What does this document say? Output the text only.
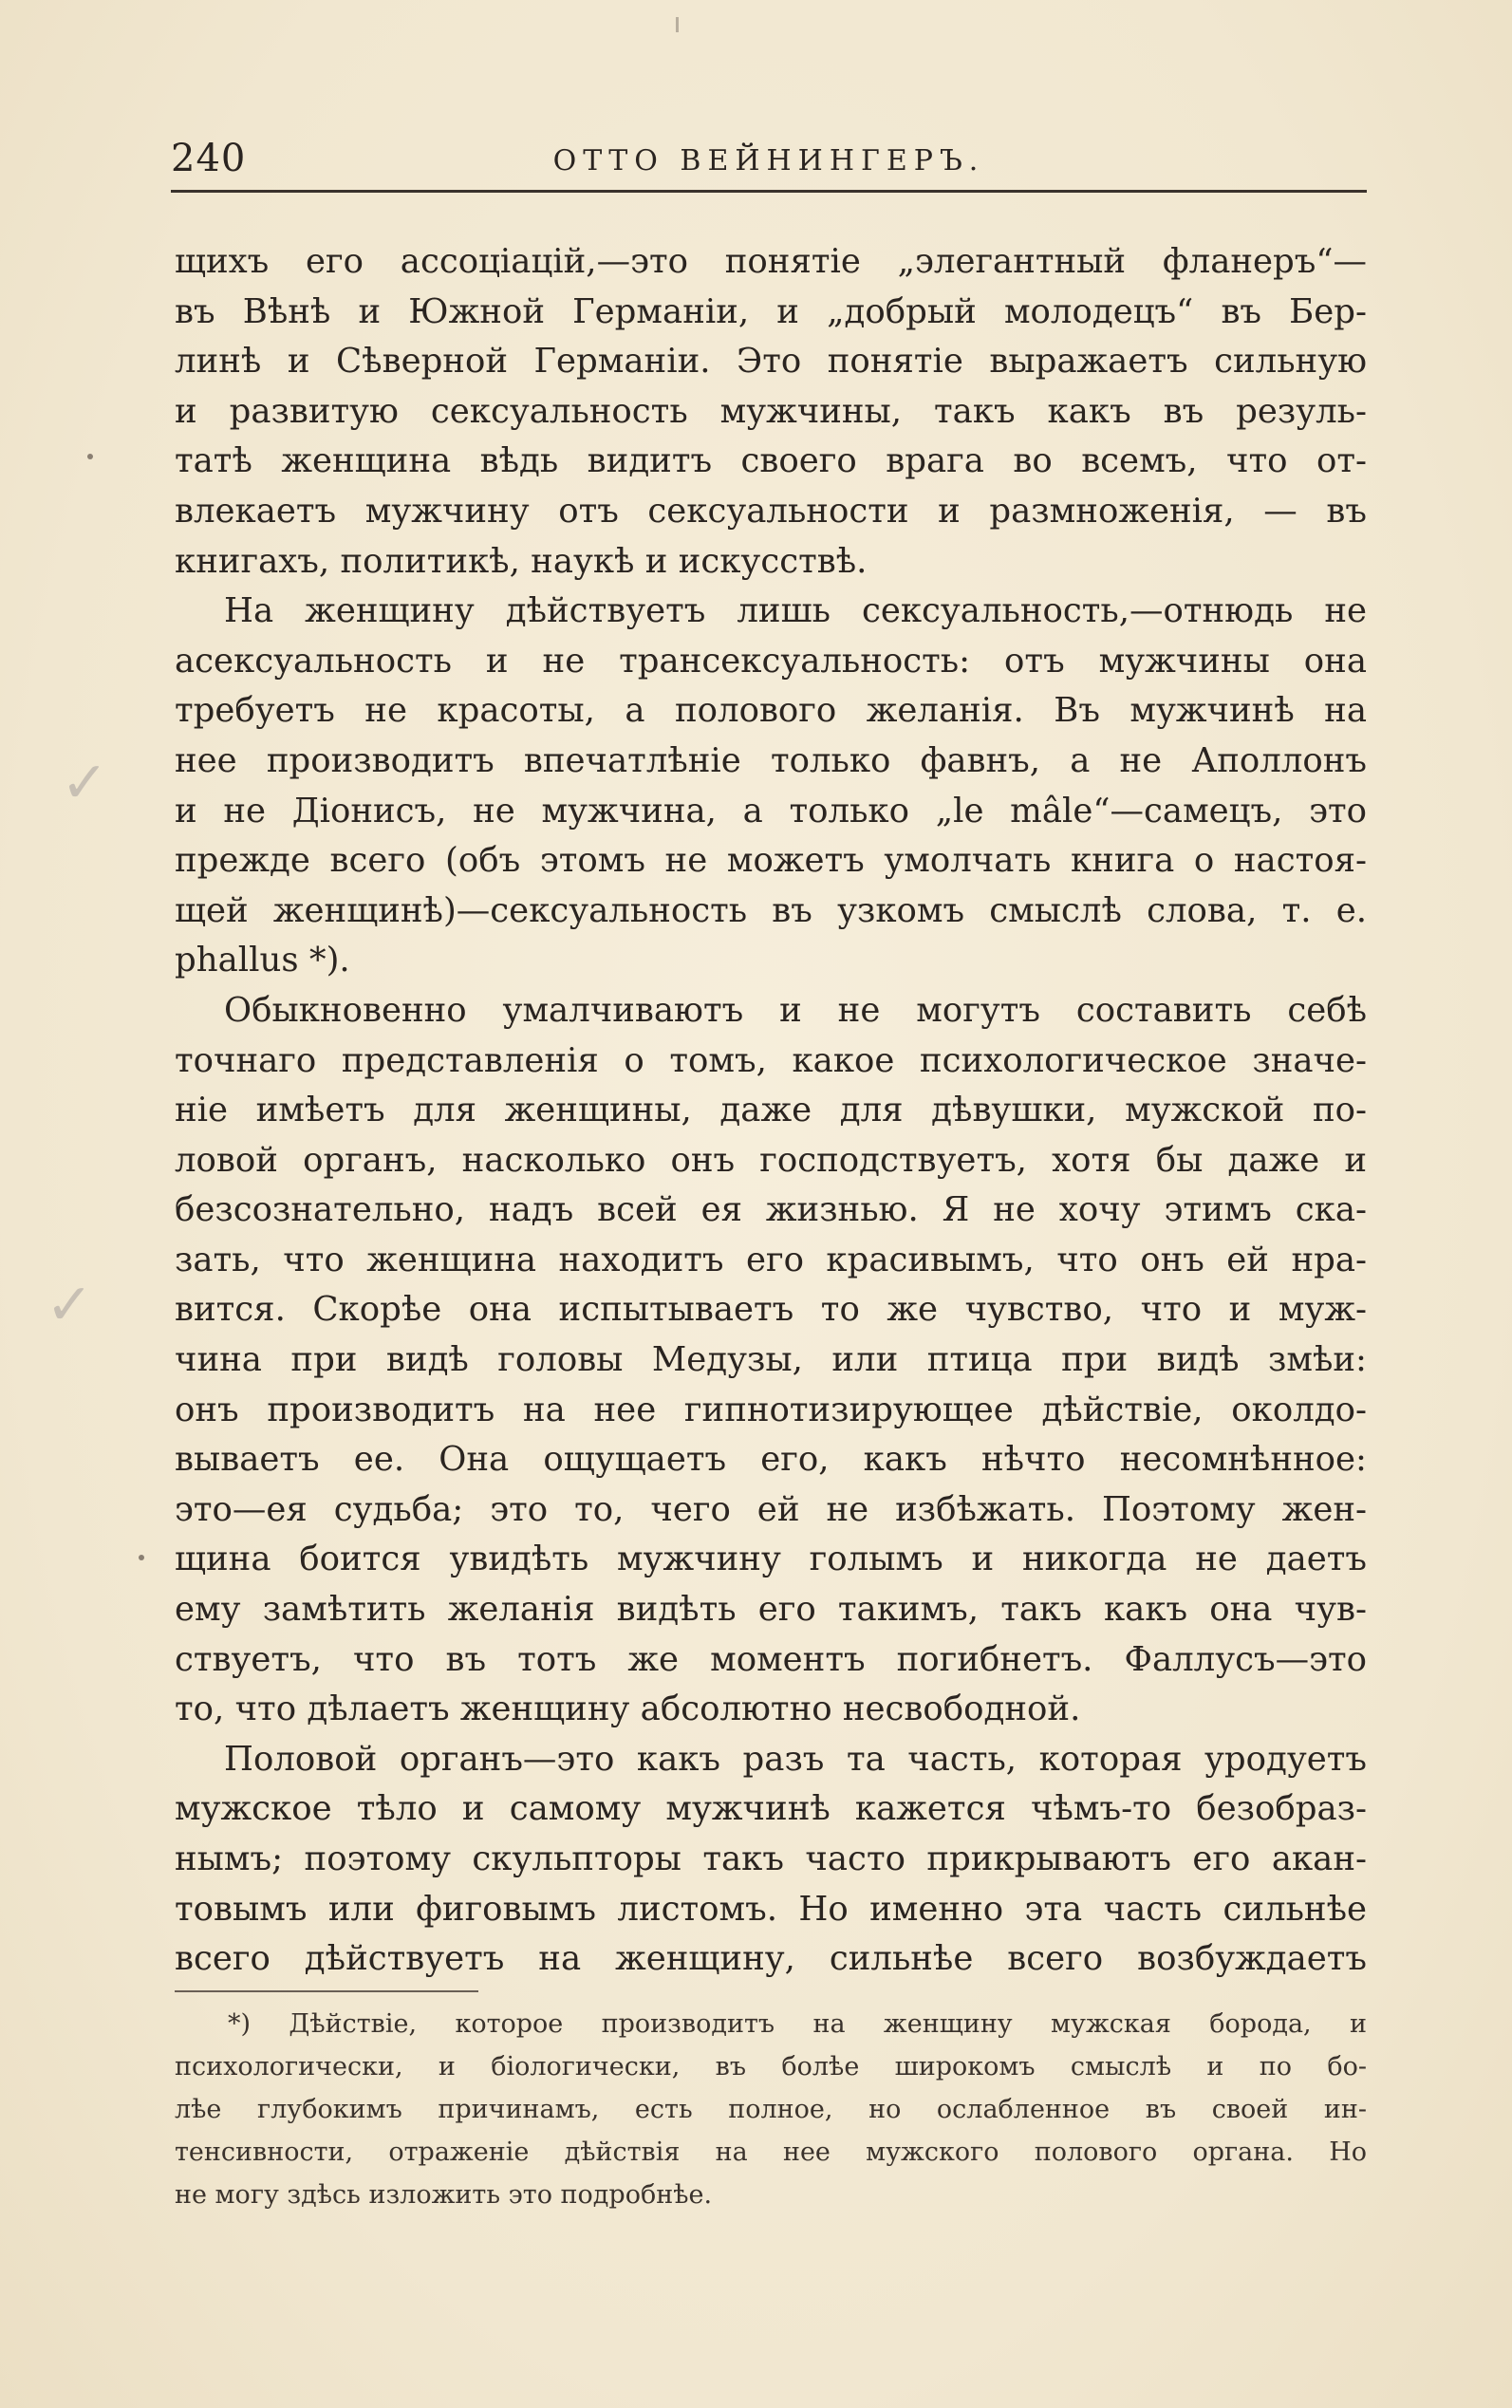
✓
✓
240	ОТТО ВЕЙНИНГЕРЪ.

щихъ его ассоціацій,—это понятіе „элегантный фланеръ“—
въ Вѣнѣ и Южной Германіи, и „добрый молодецъ“ въ Бер-
линѣ и Сѣверной Германіи. Это понятіе выражаетъ сильную
и развитую сексуальность мужчины, такъ какъ въ резуль-
татѣ женщина вѣдь видитъ своего врага во всемъ, что от-
влекаетъ мужчину отъ сексуальности и размноженія, — въ
книгахъ, политикѣ, наукѣ и искусствѣ.

На женщину дѣйствуетъ лишь сексуальность,—отнюдь не
асексуальность и не трансексуальность: отъ мужчины она
требуетъ не красоты, а полового желанія. Въ мужчинѣ на
нее производитъ впечатлѣніе только фавнъ, а не Аполлонъ
и не Діонисъ, не мужчина, а только „le mâle“—самецъ, это
прежде всего (объ этомъ не можетъ умолчать книга о настоя-
щей женщинѣ)—сексуальность въ узкомъ смыслѣ слова, т. е.
phallus *).

Обыкновенно умалчиваютъ и не могутъ составить себѣ
точнаго представленія о томъ, какое психологическое значе-
ніе имѣетъ для женщины, даже для дѣвушки, мужской по-
ловой органъ, насколько онъ господствуетъ, хотя бы даже и
безсознательно, надъ всей ея жизнью. Я не хочу этимъ ска-
зать, что женщина находитъ его красивымъ, что онъ ей нра-
вится. Скорѣе она испытываетъ то же чувство, что и муж-
чина при видѣ головы Медузы, или птица при видѣ змѣи:
онъ производитъ на нее гипнотизирующее дѣйствіе, околдо-
вываетъ ее. Она ощущаетъ его, какъ нѣчто несомнѣнное:
это—ея судьба; это то, чего ей не избѣжать. Поэтому жен-
щина боится увидѣть мужчину голымъ и никогда не даетъ
ему замѣтить желанія видѣть его такимъ, такъ какъ она чув-
ствуетъ, что въ тотъ же моментъ погибнетъ. Фаллусъ—это
то, что дѣлаетъ женщину абсолютно несвободной.

Половой органъ—это какъ разъ та часть, которая уродуетъ
мужское тѣло и самому мужчинѣ кажется чѣмъ-то безобраз-
нымъ; поэтому скульпторы такъ часто прикрываютъ его акан-
товымъ или фиговымъ листомъ. Но именно эта часть сильнѣе
всего дѣйствуетъ на женщину, сильнѣе всего возбуждаетъ

*) Дѣйствіе, которое производитъ на женщину мужская борода, и
психологически, и біологически, въ болѣе широкомъ смыслѣ и по бо-
лѣе глубокимъ причинамъ, есть полное, но ослабленное въ своей ин-
тенсивности, отраженіе дѣйствія на нее мужского полового органа. Но
не могу здѣсь изложить это подробнѣе.
